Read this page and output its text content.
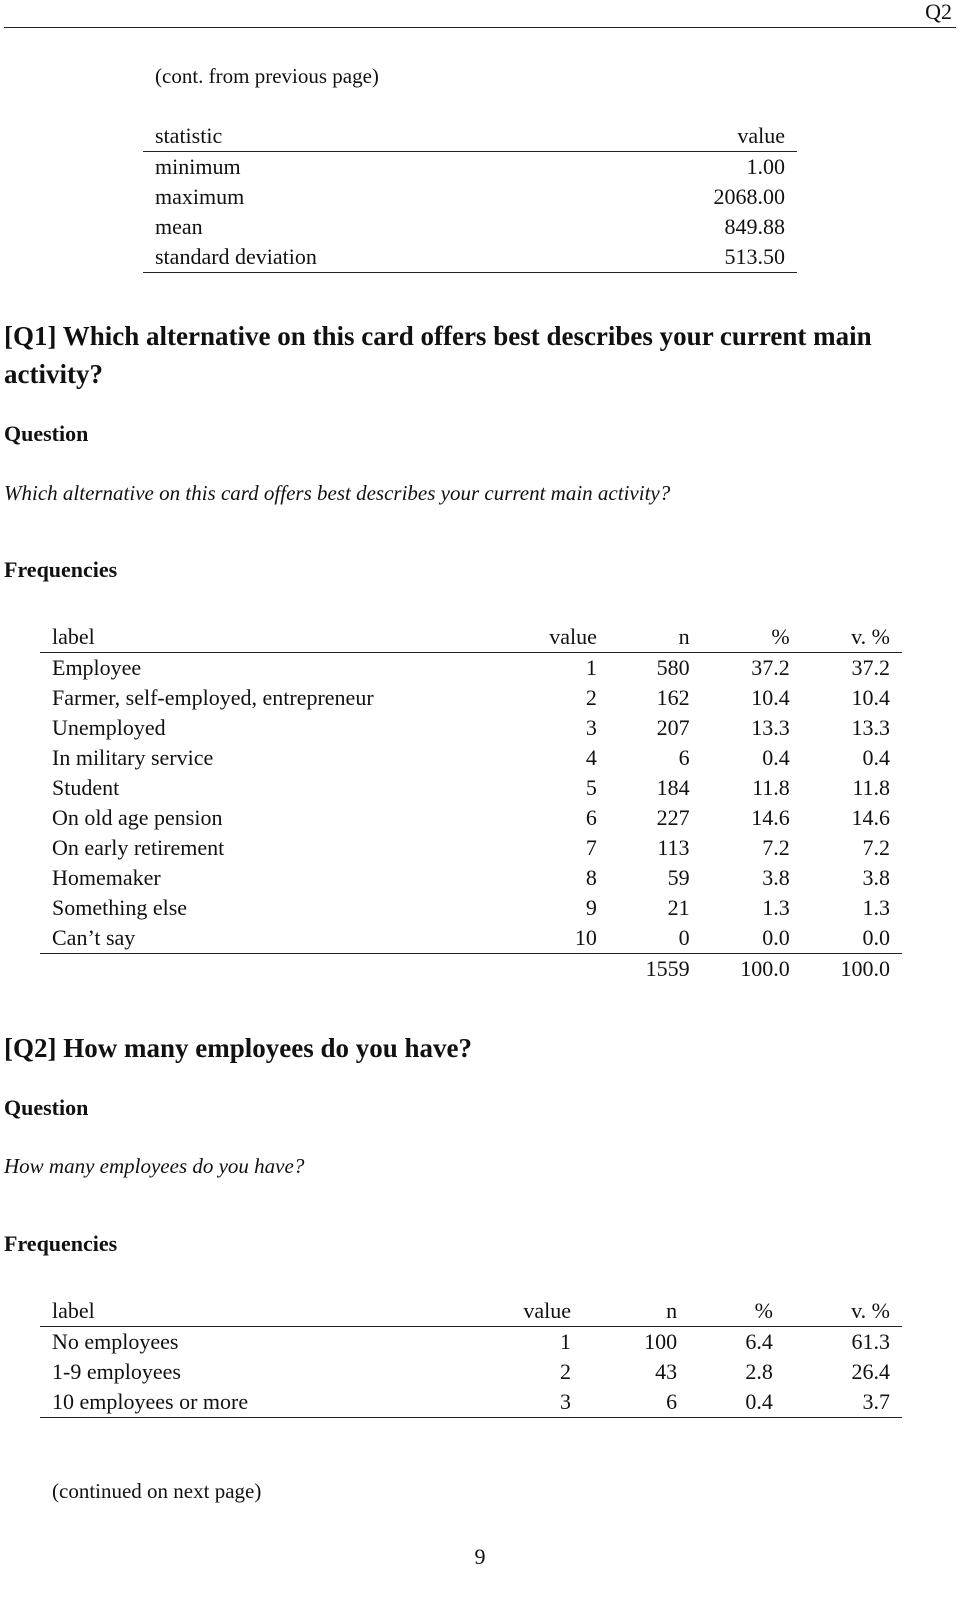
Q2
(cont. from previous page)
statistic	value
minimum	1.00
maximum	2068.00
mean	849.88
standard deviation	513.50
[Q1] Which alternative on this card offers best describes your current main activity?
Question
Which alternative on this card offers best describes your current main activity?
Frequencies
label	value	n	%	v. %
Employee	1	580	37.2	37.2
Farmer, self-employed, entrepreneur	2	162	10.4	10.4
Unemployed	3	207	13.3	13.3
In military service	4	6	0.4	0.4
Student	5	184	11.8	11.8
On old age pension	6	227	14.6	14.6
On early retirement	7	113	7.2	7.2
Homemaker	8	59	3.8	3.8
Something else	9	21	1.3	1.3
Can’t say	10	0	0.0	0.0
		1559	100.0	100.0
[Q2] How many employees do you have?
Question
How many employees do you have?
Frequencies
label	value	n	%	v. %
No employees	1	100	6.4	61.3
1-9 employees	2	43	2.8	26.4
10 employees or more	3	6	0.4	3.7
(continued on next page)
9
